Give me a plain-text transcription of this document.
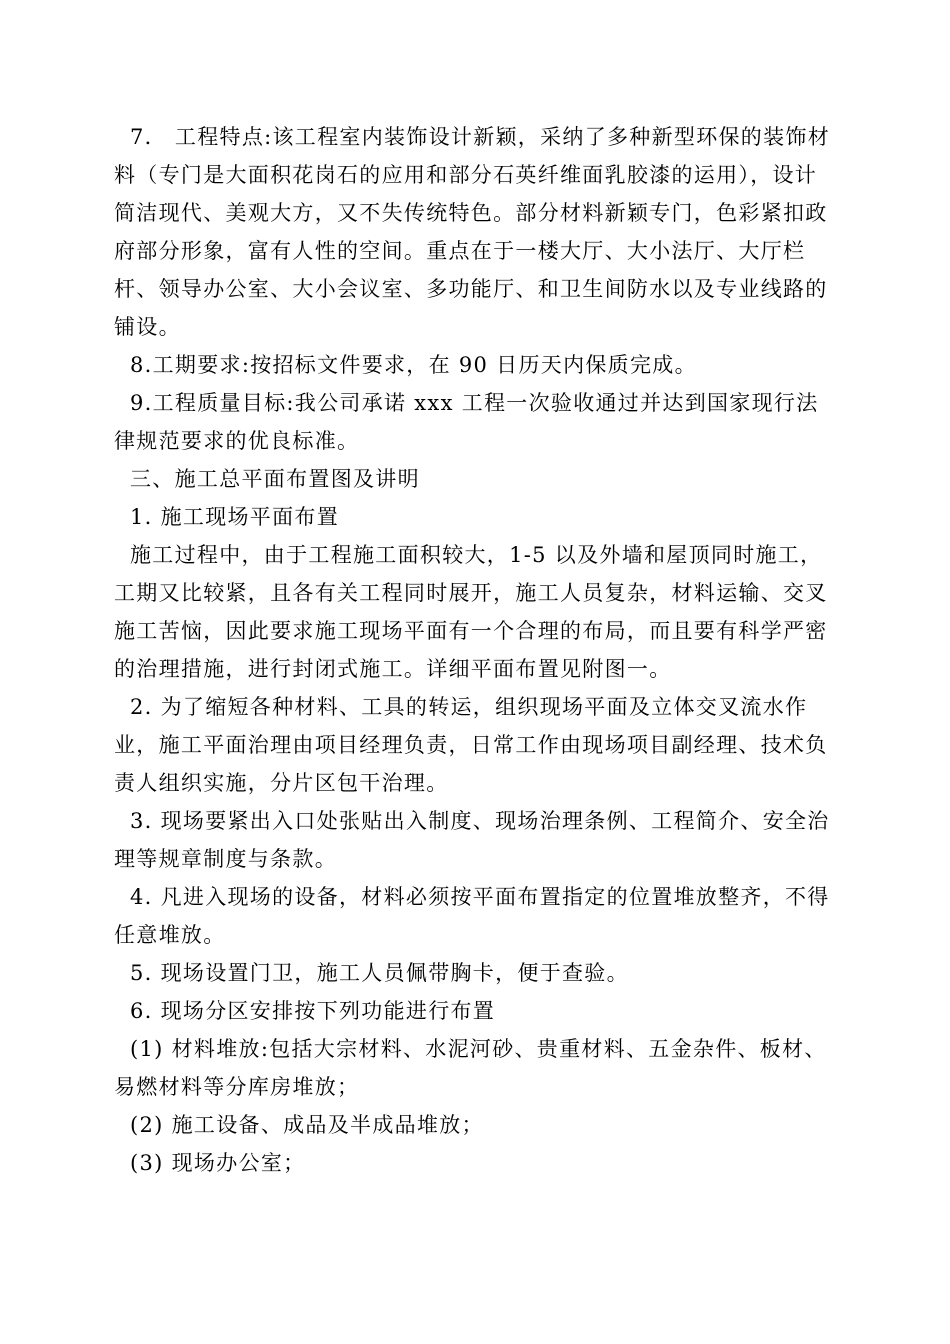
7． 工程特点:该工程室内装饰设计新颖，采纳了多种新型环保的装饰材料（专门是大面积花岗石的应用和部分石英纤维面乳胶漆的运用），设计简洁现代、美观大方，又不失传统特色。部分材料新颖专门，色彩紧扣政府部分形象，富有人性的空间。重点在于一楼大厅、大小法厅、大厅栏杆、领导办公室、大小会议室、多功能厅、和卫生间防水以及专业线路的铺设。

8.工期要求:按招标文件要求，在 90 日历天内保质完成。

9.工程质量目标:我公司承诺 xxx 工程一次验收通过并达到国家现行法律规范要求的优良标准。

三、施工总平面布置图及讲明

1. 施工现场平面布置

施工过程中，由于工程施工面积较大，1-5 以及外墙和屋顶同时施工，工期又比较紧，且各有关工程同时展开，施工人员复杂，材料运输、交叉施工苦恼，因此要求施工现场平面有一个合理的布局，而且要有科学严密的治理措施，进行封闭式施工。详细平面布置见附图一。

2. 为了缩短各种材料、工具的转运，组织现场平面及立体交叉流水作业，施工平面治理由项目经理负责，日常工作由现场项目副经理、技术负责人组织实施，分片区包干治理。

3. 现场要紧出入口处张贴出入制度、现场治理条例、工程简介、安全治理等规章制度与条款。

4. 凡进入现场的设备，材料必须按平面布置指定的位置堆放整齐，不得任意堆放。

5. 现场设置门卫，施工人员佩带胸卡，便于查验。

6. 现场分区安排按下列功能进行布置

(1) 材料堆放:包括大宗材料、水泥河砂、贵重材料、五金杂件、板材、易燃材料等分库房堆放；

(2) 施工设备、成品及半成品堆放；

(3) 现场办公室；
